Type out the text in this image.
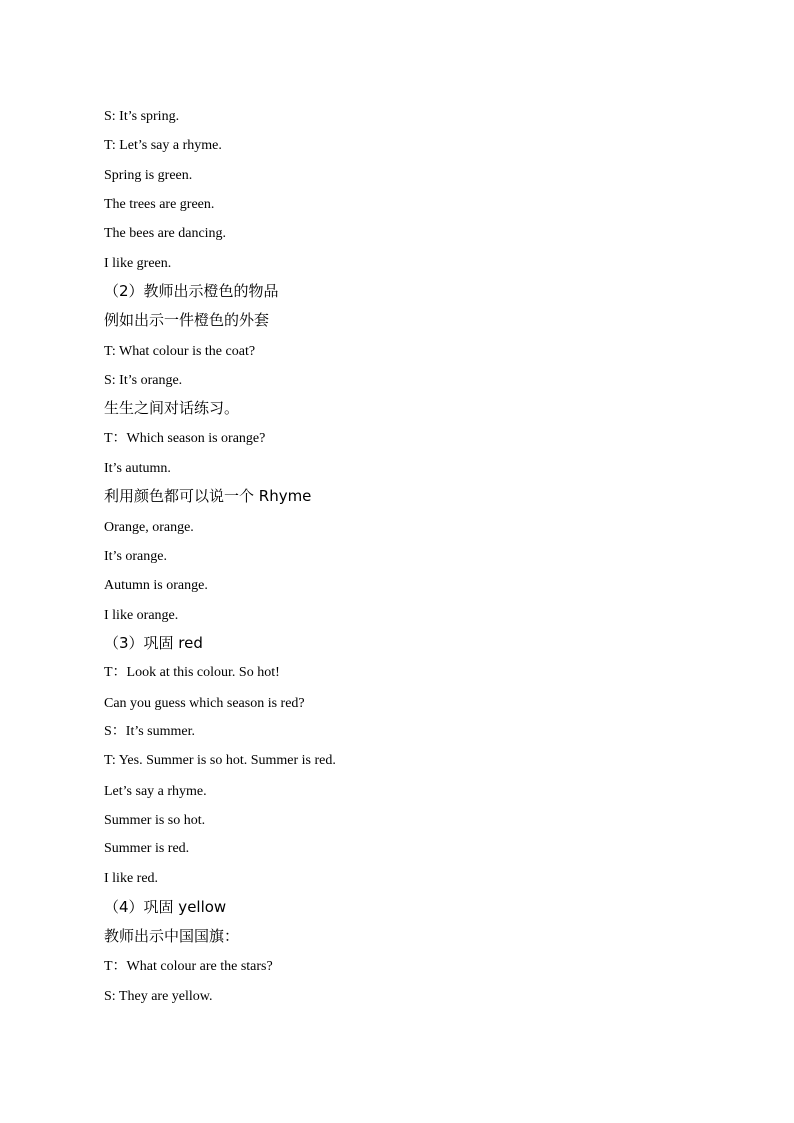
S: It’s spring.
T: Let’s say a rhyme.
Spring is green.
The trees are green.
The bees are dancing.
I like green.
（2）教师出示橙色的物品
例如出示一件橙色的外套
T: What colour is the coat?
S: It’s orange.
生生之间对话练习。
T：Which season is orange?
It’s autumn.
利用颜色都可以说一个 Rhyme
Orange, orange.
It’s orange.
Autumn is orange.
I like orange.
（3）巩固 red
T：Look at this colour. So hot!
Can you guess which season is red?
S：It’s summer.
T: Yes. Summer is so hot. Summer is red.
Let’s say a rhyme.
Summer is so hot.
Summer is red.
I like red.
（4）巩固 yellow
教师出示中国国旗：
T：What colour are the stars?
S: They are yellow.
